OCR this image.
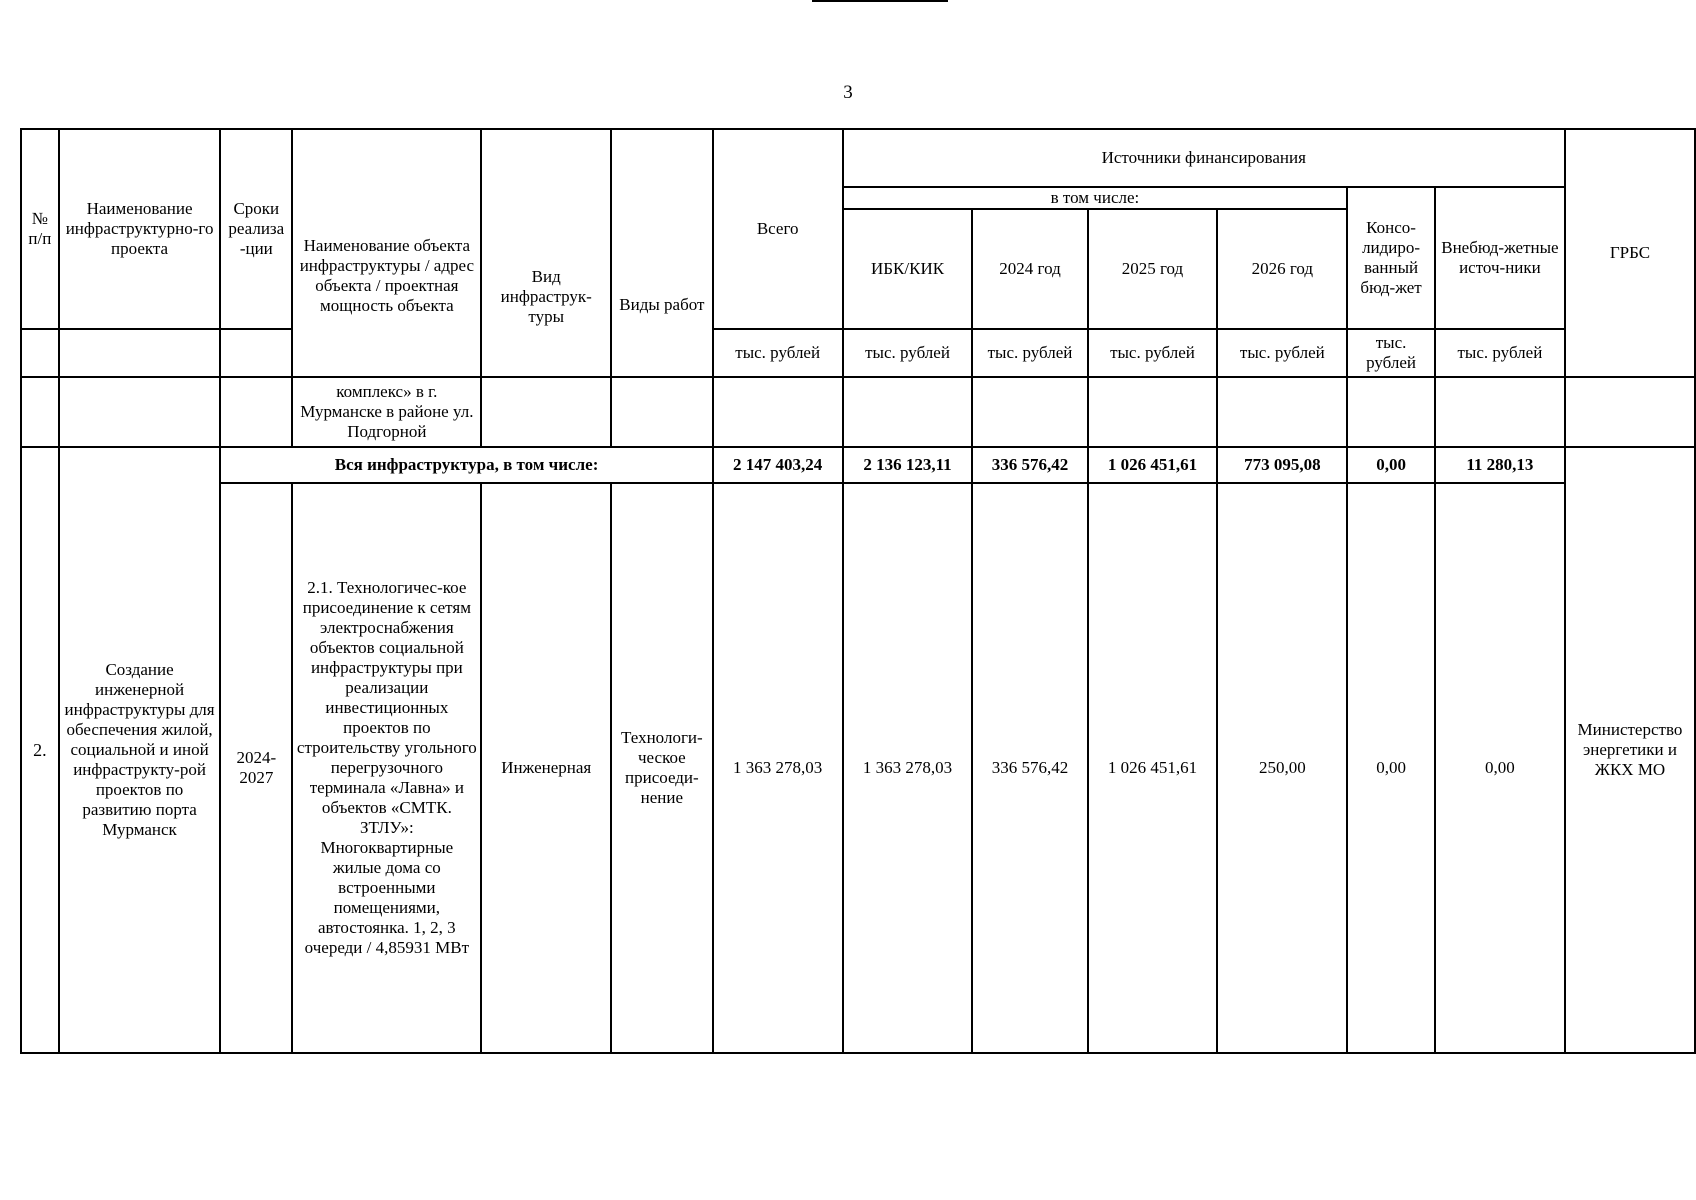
3
№ п/п	Наименование инфраструктурно-го проекта	Сроки реализа -ции	Наименование объекта инфраструктуры / адрес объекта / проектная мощность объекта	Вид инфраструк-туры	Виды работ	Всего	Источники финансирования						ГРБС
							в том числе:				Консо-лидиро-ванный бюд-жет	Внебюд-жетные источ-ники	
							ИБК/КИК	2024 год	2025 год	2026 год			
						тыс. рублей	тыс. рублей	тыс. рублей	тыс. рублей	тыс. рублей	тыс. рублей	тыс. рублей	
			комплекс» в г. Мурманске в районе ул. Подгорной										
2.	Создание инженерной инфраструктуры для обеспечения жилой, социальной и иной инфраструкту-рой проектов по развитию порта Мурманск	Вся инфраструктура, в том числе:				2 147 403,24	2 136 123,11	336 576,42	1 026 451,61	773 095,08	0,00	11 280,13	Министерство энергетики и ЖКХ МО

		2024-2027	2.1. Технологичес-кое присоединение к сетям электроснабжения объектов социальной инфраструктуры при реализации инвестиционных проектов по строительству угольного перегрузочного терминала «Лавна» и объектов «СМТК. ЗТЛУ»: Многоквартирные жилые дома со встроенными помещениями, автостоянка. 1, 2, 3 очереди / 4,85931 МВт	Инженерная	Технологи-ческое присоеди-нение	1 363 278,03	1 363 278,03	336 576,42	1 026 451,61	250,00	0,00	0,00	
